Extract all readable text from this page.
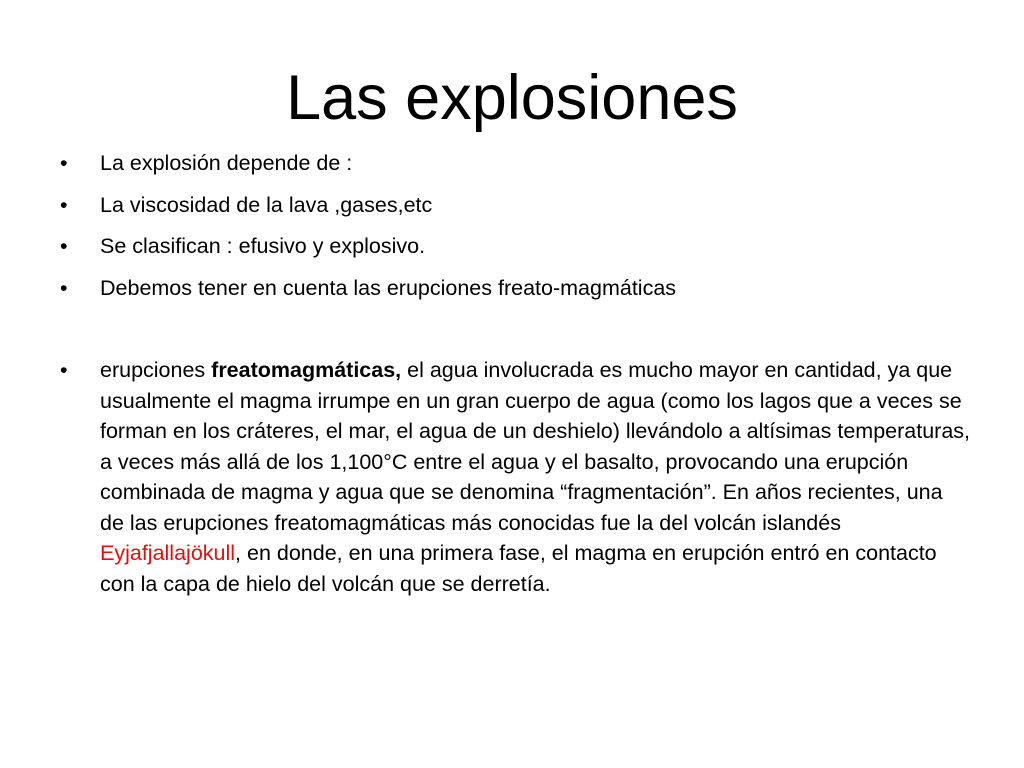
Las explosiones
•	La explosión depende de :
•	La viscosidad de la lava ,gases,etc
•	Se clasifican : efusivo y explosivo.
•	Debemos tener en cuenta las erupciones freato-magmáticas
•	erupciones freatomagmáticas, el agua involucrada es mucho mayor en cantidad, ya que usualmente el magma irrumpe en un gran cuerpo de agua (como los lagos que a veces se forman en los cráteres, el mar, el agua de un deshielo) llevándolo a altísimas temperaturas, a veces más allá de los 1,100°C entre el agua y el basalto, provocando una erupción combinada de magma y agua que se denomina “fragmentación”. En años recientes, una de las erupciones freatomagmáticas más conocidas fue la del volcán islandés Eyjafjallajökull, en donde, en una primera fase, el magma en erupción entró en contacto con la capa de hielo del volcán que se derretía.
